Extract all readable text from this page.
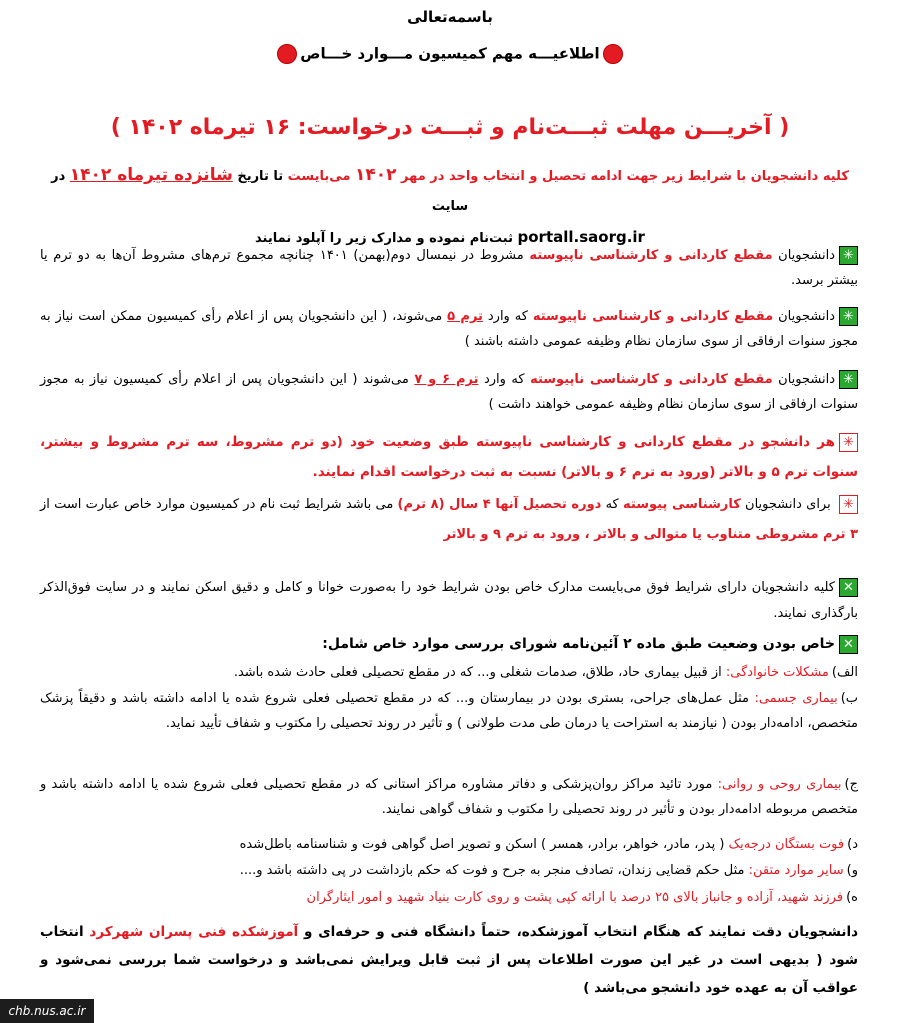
باسمه‌تعالی
اطلاعیـــه مهم کمیسیون مـــوارد خـــاص
( آخریـــن مهلت ثبـــت‌نام و ثبـــت درخواست: ۱۶ تیرماه ۱۴۰۲ )
کلیه دانشجویان با شرایط زیر جهت ادامه تحصیل و انتخاب واحد در مهر ۱۴۰۲ می‌بایست تا تاریخ شانزده تیرماه ۱۴۰۲ در سایت
portall.saorg.ir ثبت‌نام نموده و مدارک زیر را آپلود نمایند
✳دانشجویان مقطع کاردانی و کارشناسی ناپیوسته مشروط در نیمسال دوم(بهمن) ۱۴۰۱ چنانچه مجموع ترم‌های مشروط آن‌ها به دو ترم یا بیشتر برسد.
✳دانشجویان مقطع کاردانی و کارشناسی ناپیوسته که وارد ترم ۵ می‌شوند، ( این دانشجویان پس از اعلام رأی کمیسیون ممکن است نیاز به مجوز سنوات ارفاقی از سوی سازمان نظام وظیفه عمومی داشته باشند )
✳دانشجویان مقطع کاردانی و کارشناسی ناپیوسته که وارد ترم ۶ و ۷ می‌شوند ( این دانشجویان پس از اعلام رأی کمیسیون نیاز به مجوز سنوات ارفاقی از سوی سازمان نظام وظیفه عمومی خواهند داشت )
✳هر دانشجو در مقطع کاردانی و کارشناسی ناپیوسته طبق وضعیت خود (دو ترم مشروط، سه ترم مشروط و بیشتر، سنوات ترم ۵ و بالاتر (ورود به ترم ۶ و بالاتر) نسبت به ثبت درخواست اقدام نمایند.
✳ برای دانشجویان کارشناسی پیوسته که دوره تحصیل آنها ۴ سال (۸ ترم) می باشد شرایط ثبت نام در کمیسیون موارد خاص عبارت است از ۳ ترم مشروطی متناوب یا متوالی و بالاتر ، ورود به ترم ۹ و بالاتر
✕کلیه دانشجویان دارای شرایط فوق می‌بایست مدارک خاص بودن شرایط خود را به‌صورت خوانا و کامل و دقیق اسکن نمایند و در سایت فوق‌الذکر بارگذاری نمایند.
✕خاص بودن وضعیت طبق ماده ۲ آئین‌نامه شورای بررسی موارد خاص شامل:
الف)مشکلات خانوادگی: از قبیل بیماری حاد، طلاق، صدمات شغلی و... که در مقطع تحصیلی فعلی حادث شده باشد.
ب)بیماری جسمی: مثل عمل‌های جراحی، بستری بودن در بیمارستان و... که در مقطع تحصیلی فعلی شروع شده یا ادامه داشته باشد و دقیقاً پزشک متخصص، ادامه‌دار بودن ( نیازمند به استراحت یا درمان طی مدت طولانی ) و تأثیر در روند تحصیلی را مکتوب و شفاف تأیید نماید.
ج)بیماری روحی و روانی: مورد تائید مراکز روان‌پزشکی و دفاتر مشاوره مراکز استانی که در مقطع تحصیلی فعلی شروع شده یا ادامه داشته باشد و متخصص مربوطه ادامه‌دار بودن و تأثیر در روند تحصیلی را مکتوب و شفاف گواهی نمایند.
د)فوت بستگان درجه‌یک ( پدر، مادر، خواهر، برادر، همسر ) اسکن و تصویر اصل گواهی فوت و شناسنامه باطل‌شده
و)سایر موارد متقن: مثل حکم قضایی زندان، تصادف منجر به جرح و فوت که حکم بازداشت در پی داشته باشد و....
ه)فرزند شهید، آزاده و جانباز بالای ۲۵ درصد با ارائه کپی پشت و روی کارت بنیاد شهید و امور ایثارگران
دانشجویان دقت نمایند که هنگام انتخاب آموزشکده، حتماً دانشگاه فنی و حرفه‌ای و آموزشکده فنی پسران شهرکرد انتخاب شود ( بدیهی است در غیر این صورت اطلاعات پس از ثبت قابل ویرایش نمی‌باشد و درخواست شما بررسی نمی‌شود و عواقب آن به عهده خود دانشجو می‌باشد )
chb.nus.ac.ir
